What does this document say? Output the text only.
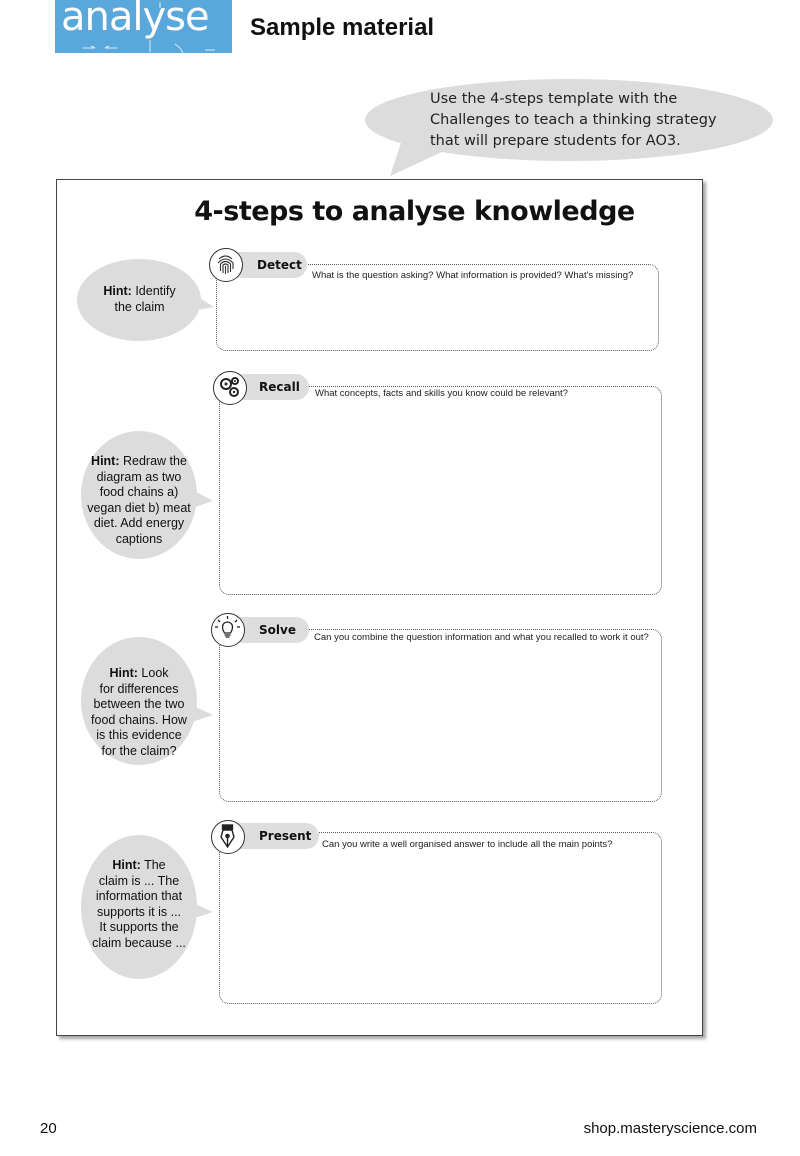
analyse Sample material
Use the 4-steps template with the
Challenges to teach a thinking strategy
that will prepare students for AO3.
4-steps to analyse knowledge
Hint: Identify
the claim
Detect
What is the question asking? What information is provided? What's missing?
Hint: Redraw the
diagram as two
food chains a)
vegan diet b) meat
diet. Add energy
captions
Recall	What concepts, facts and skills you know could be relevant?
Hint: Look
for differences
between the two
food chains. How
is this evidence
for the claim?
Solve
Can you combine the question information and what you recalled to work it out?
Hint: The
claim is ... The
information that
supports it is ...
It supports the
claim because ...
Present
Can you write a well organised answer to include all the main points?
20	shop.masteryscience.com
